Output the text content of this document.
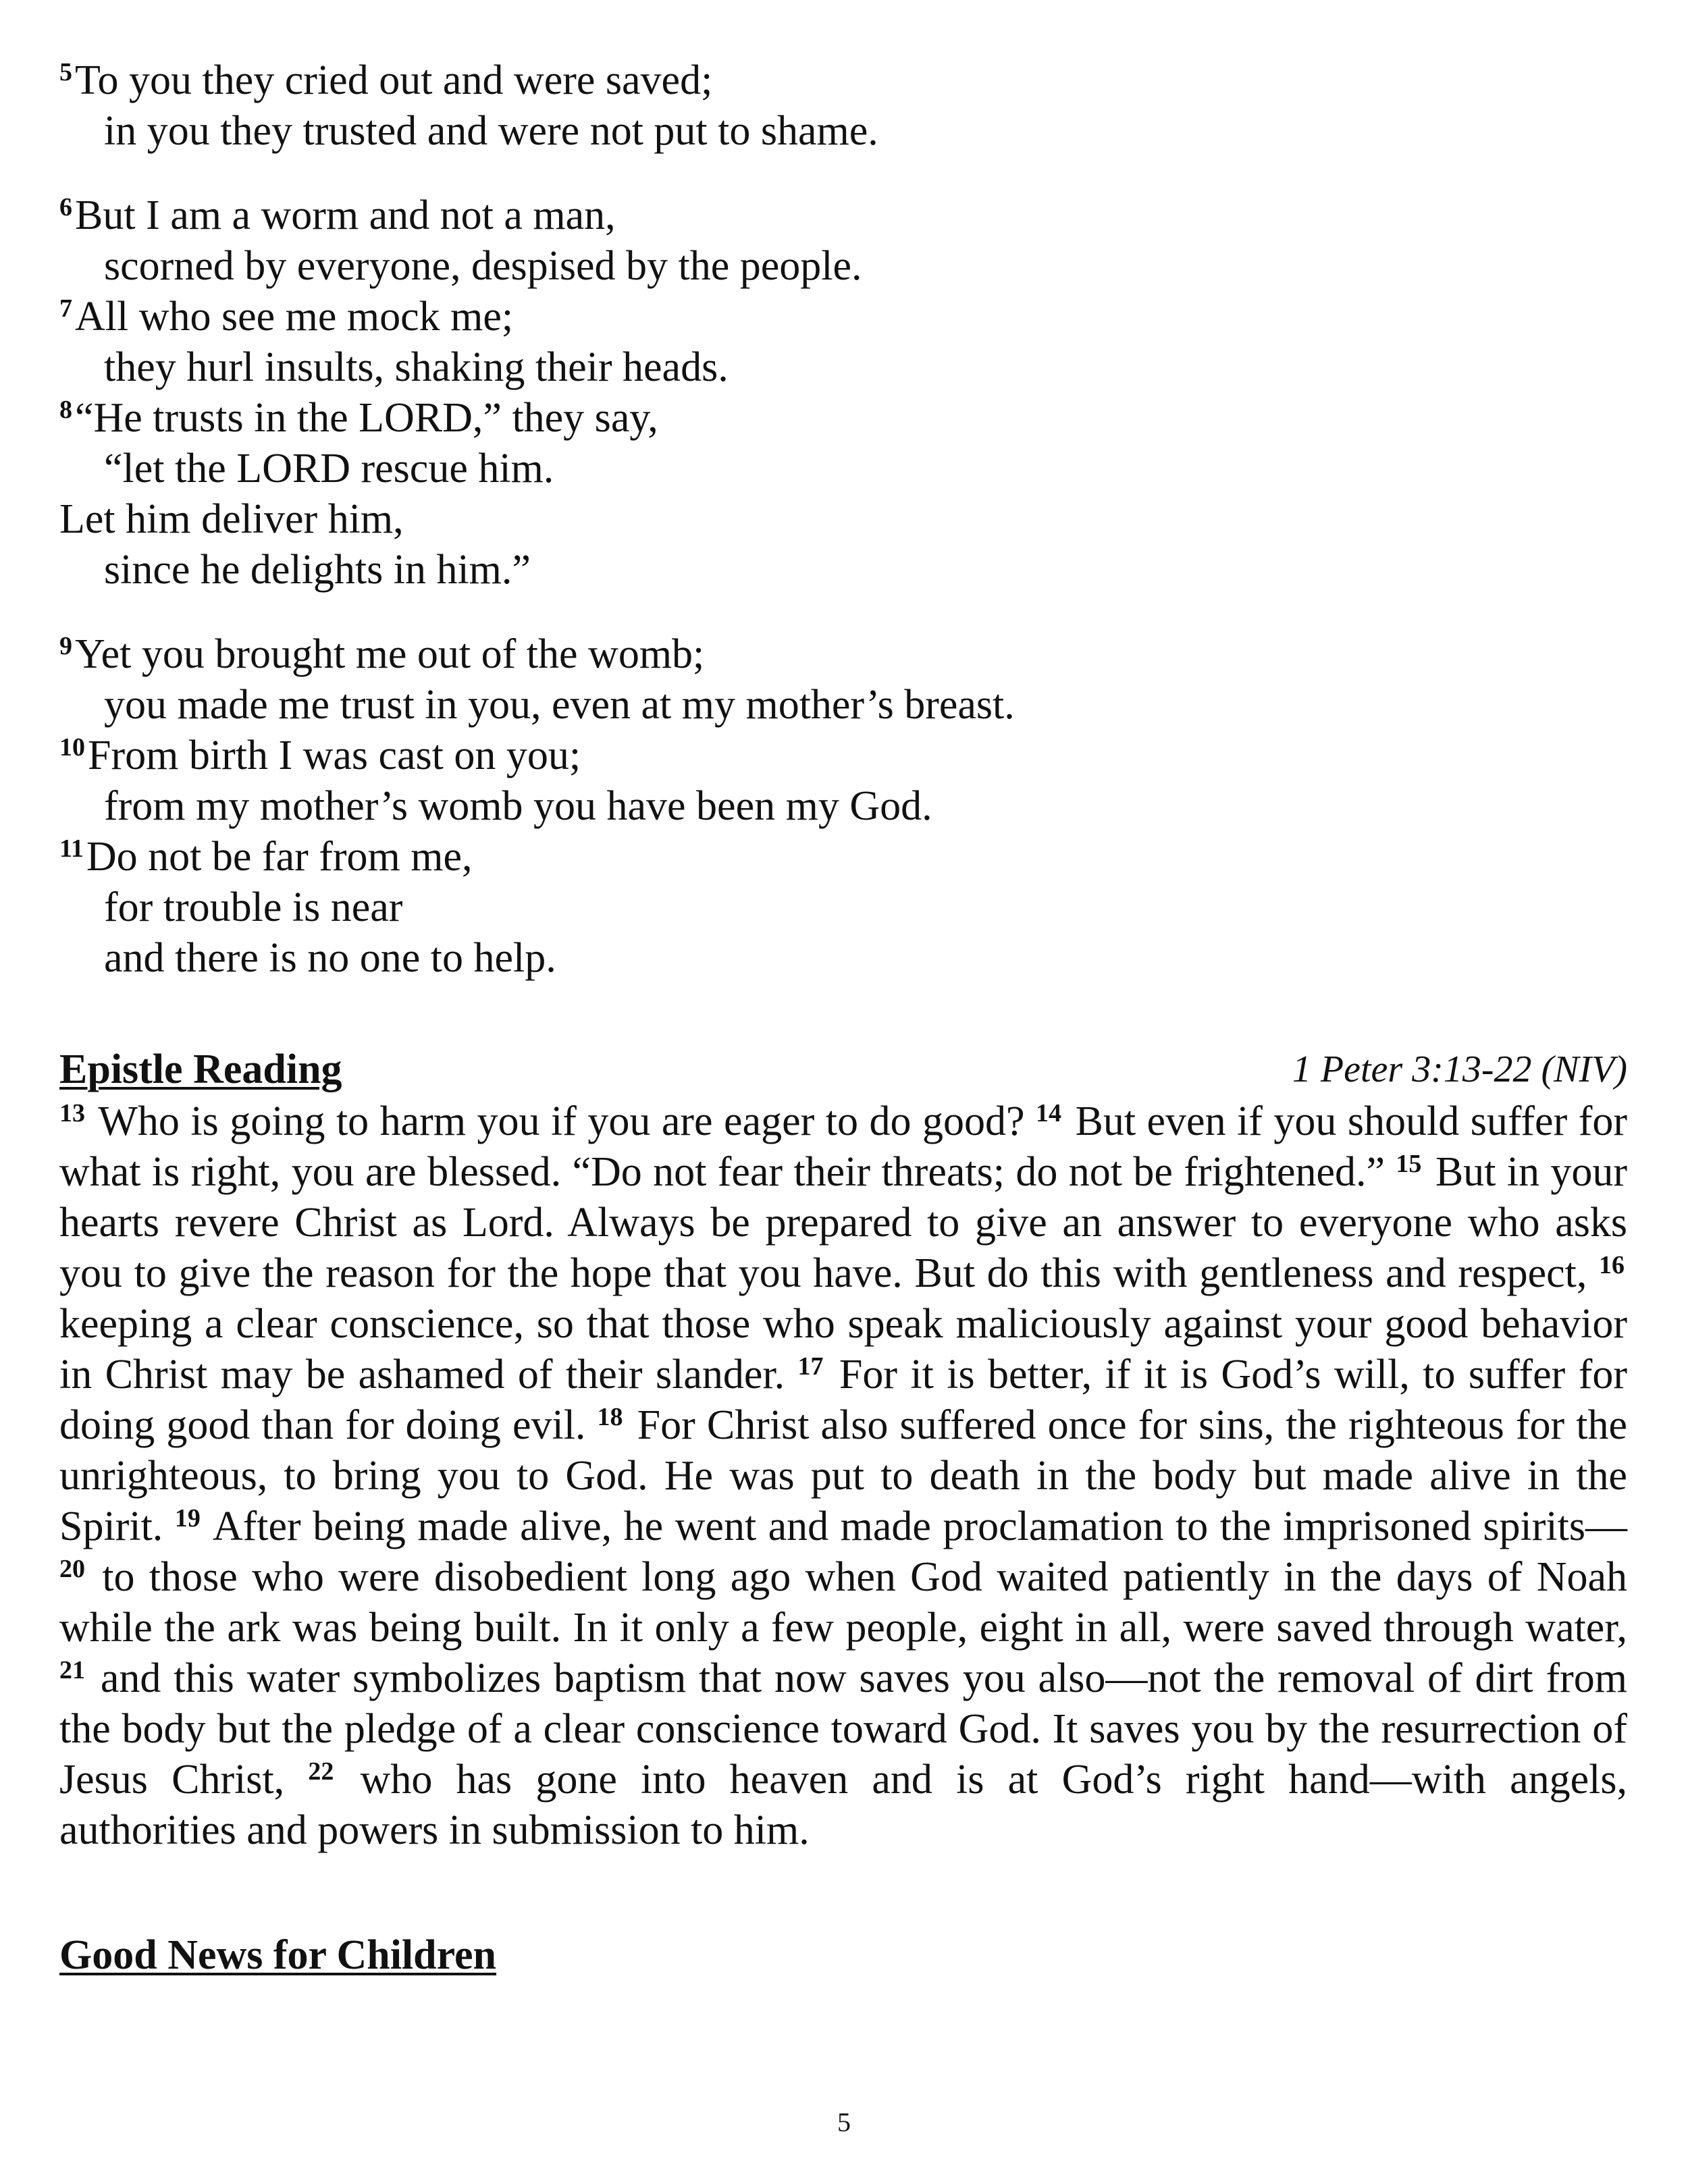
$^5$To you they cried out and were saved;
in you they trusted and were not put to shame.
$^6$But I am a worm and not a man,
scorned by everyone, despised by the people.
$^7$All who see me mock me;
they hurl insults, shaking their heads.
$^8$“He trusts in the LORD,” they say,
“let the LORD rescue him.
Let him deliver him,
since he delights in him.”
$^9$Yet you brought me out of the womb;
you made me trust in you, even at my mother’s breast.
$^{10}$From birth I was cast on you;
from my mother’s womb you have been my God.
$^{11}$Do not be far from me,
for trouble is near
and there is no one to help.
Epistle Reading	1 Peter 3:13-22 (NIV)
$^{13}$ Who is going to harm you if you are eager to do good? $^{14}$ But even if you should suffer for what is right, you are blessed. “Do not fear their threats; do not be frightened.” $^{15}$ But in your hearts revere Christ as Lord. Always be prepared to give an answer to everyone who asks you to give the reason for the hope that you have. But do this with gentleness and respect, $^{16}$ keeping a clear conscience, so that those who speak maliciously against your good behavior in Christ may be ashamed of their slander. $^{17}$ For it is better, if it is God’s will, to suffer for doing good than for doing evil. $^{18}$ For Christ also suffered once for sins, the righteous for the unrighteous, to bring you to God. He was put to death in the body but made alive in the Spirit. $^{19}$ After being made alive, he went and made proclamation to the imprisoned spirits— $^{20}$ to those who were disobedient long ago when God waited patiently in the days of Noah while the ark was being built. In it only a few people, eight in all, were saved through water, $^{21}$ and this water symbolizes baptism that now saves you also—not the removal of dirt from the body but the pledge of a clear conscience toward God. It saves you by the resurrection of Jesus Christ, $^{22}$ who has gone into heaven and is at God’s right hand—with angels, authorities and powers in submission to him.
Good News for Children
5
